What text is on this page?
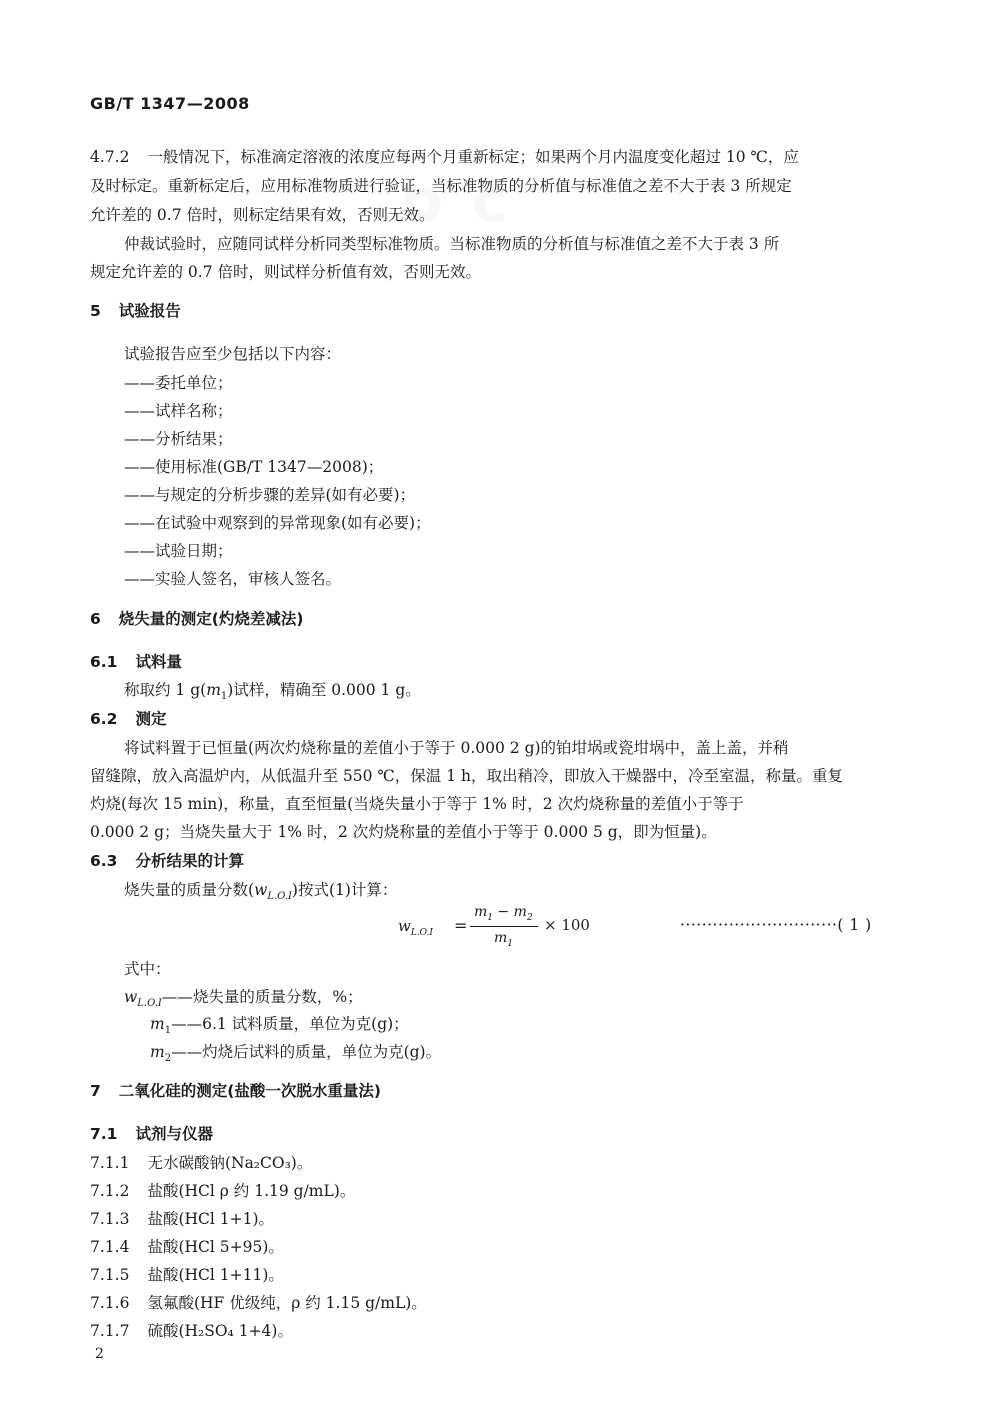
b c
GB/T 1347—2008
4.7.2 一般情况下，标准滴定溶液的浓度应每两个月重新标定；如果两个月内温度变化超过 10 ℃，应
及时标定。重新标定后，应用标准物质进行验证，当标准物质的分析值与标准值之差不大于表 3 所规定
允许差的 0.7 倍时，则标定结果有效，否则无效。
仲裁试验时，应随同试样分析同类型标准物质。当标准物质的分析值与标准值之差不大于表 3 所
规定允许差的 0.7 倍时，则试样分析值有效，否则无效。
5 试验报告
试验报告应至少包括以下内容：
——委托单位；
——试样名称；
——分析结果；
——使用标准(GB/T 1347—2008)；
——与规定的分析步骤的差异(如有必要)；
——在试验中观察到的异常现象(如有必要)；
——试验日期；
——实验人签名，审核人签名。
6 烧失量的测定(灼烧差减法)
6.1 试料量
称取约 1 $g(m_1)$试样，精确至 0.000 1 g。
6.2 测定
将试料置于已恒量(两次灼烧称量的差值小于等于 0.000 2 g)的铂坩埚或瓷坩埚中，盖上盖，并稍
留缝隙，放入高温炉内，从低温升至 550 ℃，保温 1 h，取出稍冷，即放入干燥器中，冷至室温，称量。重复
灼烧(每次 15 min)，称量，直至恒量(当烧失量小于等于 1% 时，2 次灼烧称量的差值小于等于
0.000 2 g；当烧失量大于 1% 时，2 次灼烧称量的差值小于等于 0.000 5 g，即为恒量)。
6.3 分析结果的计算
烧失量的质量分数$(w_{L.O.I})$按式(1)计算：
$w_{L.O.I}$ =
$m_1 - m_2$
$m_1$
× 100	·····························( 1 )
式中：
$w_{L.O.I}——$烧失量的质量分数，%；
$m_1——6.1$ 试料质量，单位为克(g)；
$m_2——$灼烧后试料的质量，单位为克(g)。
7 二氧化硅的测定(盐酸一次脱水重量法)
7.1 试剂与仪器
7.1.1 无水碳酸钠(Na₂CO₃)。
7.1.2 盐酸(HCl ρ 约 1.19 g/mL)。
7.1.3 盐酸(HCl 1+1)。
7.1.4 盐酸(HCl 5+95)。
7.1.5 盐酸(HCl 1+11)。
7.1.6 氢氟酸(HF 优级纯，ρ 约 1.15 g/mL)。
7.1.7 硫酸(H₂SO₄ 1+4)。
2
